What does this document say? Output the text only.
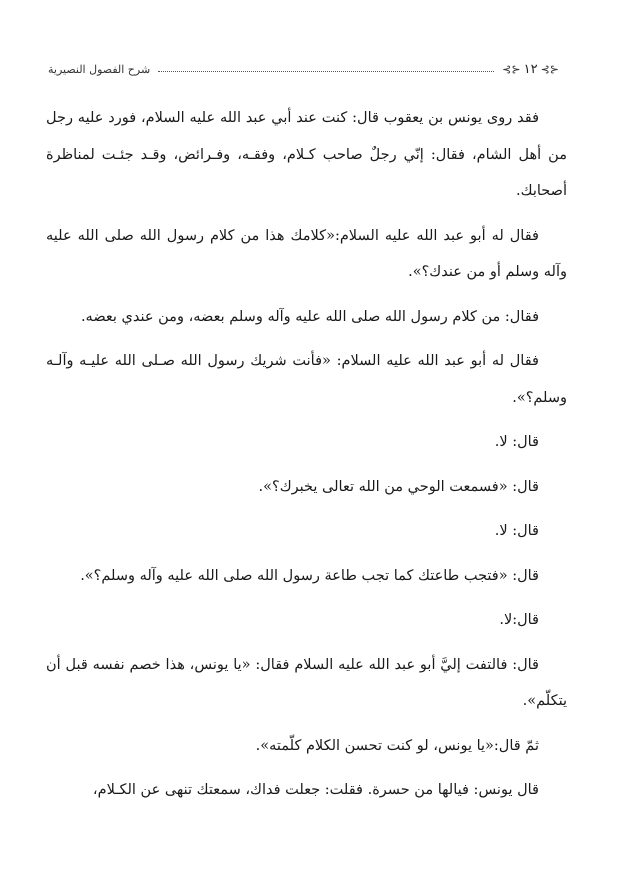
⊰⊱
١٢
⊰⊱
شرح الفصول النصيرية

فقد روى يونس بن يعقوب قال: كنت عند أبي عبد الله عليه السلام، فورد عليه رجل من أهل الشام، فقال: إنّي رجلٌ صاحب كـلام، وفقـه، وفـرائض، وقـد جئـت لمناظرة أصحابك.

فقال له أبو عبد الله عليه السلام:«كلامك هذا من كلام رسول الله صلى الله عليه وآله وسلم أو من عندك؟».

فقال: من كلام رسول الله صلى الله عليه وآله وسلم بعضه، ومن عندي بعضه.

فقال له أبو عبد الله عليه السلام: «فأنت شريك رسول الله صـلى الله عليـه وآلـه وسلم؟».

قال: لا.

قال: «فسمعت الوحي من الله تعالى يخبرك؟».

قال: لا.

قال: «فتجب طاعتك كما تجب طاعة رسول الله صلى الله عليه وآله وسلم؟».

قال:لا.

قال: فالتفت إليَّ أبو عبد الله عليه السلام فقال: «يا يونس، هذا خصم نفسه قبل أن يتكلّم».

ثمّ قال:«يا يونس، لو كنت تحسن الكلام كلّمته».

قال يونس: فيالها من حسرة. فقلت: جعلت فداك، سمعتك تنهى عن الكـلام،
